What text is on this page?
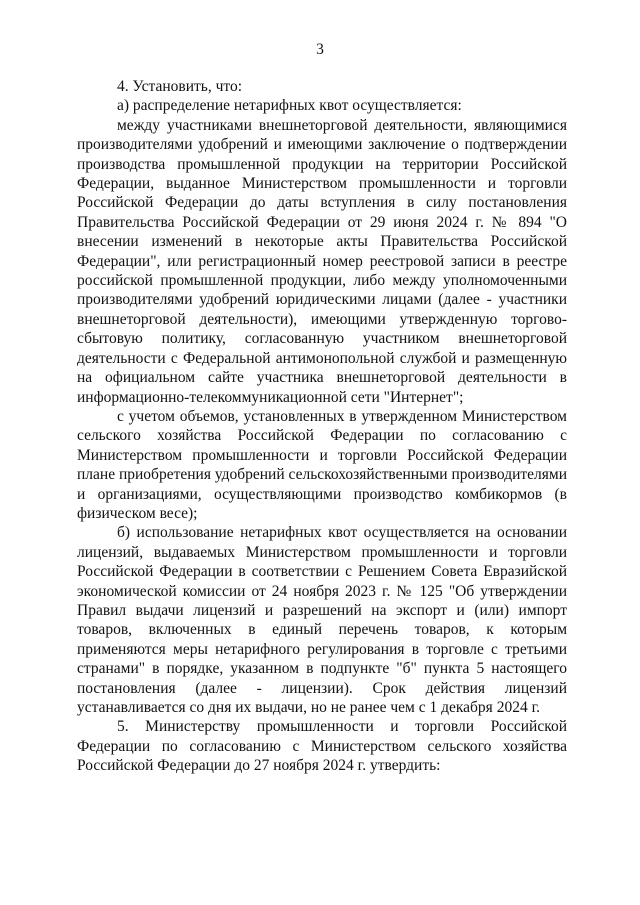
3

4. Установить, что:

а) распределение нетарифных квот осуществляется:

между участниками внешнеторговой деятельности, являющимися производителями удобрений и имеющими заключение о подтверждении производства промышленной продукции на территории Российской Федерации, выданное Министерством промышленности и торговли Российской Федерации до даты вступления в силу постановления Правительства Российской Федерации от 29 июня 2024 г. № 894 "О внесении изменений в некоторые акты Правительства Российской Федерации", или регистрационный номер реестровой записи в реестре российской промышленной продукции, либо между уполномоченными производителями удобрений юридическими лицами (далее - участники внешнеторговой деятельности), имеющими утвержденную торгово-сбытовую политику, согласованную участником внешнеторговой деятельности с Федеральной антимонопольной службой и размещенную на официальном сайте участника внешнеторговой деятельности в информационно-телекоммуникационной сети "Интернет";

с учетом объемов, установленных в утвержденном Министерством сельского хозяйства Российской Федерации по согласованию с Министерством промышленности и торговли Российской Федерации плане приобретения удобрений сельскохозяйственными производителями и организациями, осуществляющими производство комбикормов (в физическом весе);

б) использование нетарифных квот осуществляется на основании лицензий, выдаваемых Министерством промышленности и торговли Российской Федерации в соответствии с Решением Совета Евразийской экономической комиссии от 24 ноября 2023 г. № 125 "Об утверждении Правил выдачи лицензий и разрешений на экспорт и (или) импорт товаров, включенных в единый перечень товаров, к которым применяются меры нетарифного регулирования в торговле с третьими странами" в порядке, указанном в подпункте "б" пункта 5 настоящего постановления (далее - лицензии). Срок действия лицензий устанавливается со дня их выдачи, но не ранее чем с 1 декабря 2024 г.

5. Министерству промышленности и торговли Российской Федерации по согласованию с Министерством сельского хозяйства Российской Федерации до 27 ноября 2024 г. утвердить:
